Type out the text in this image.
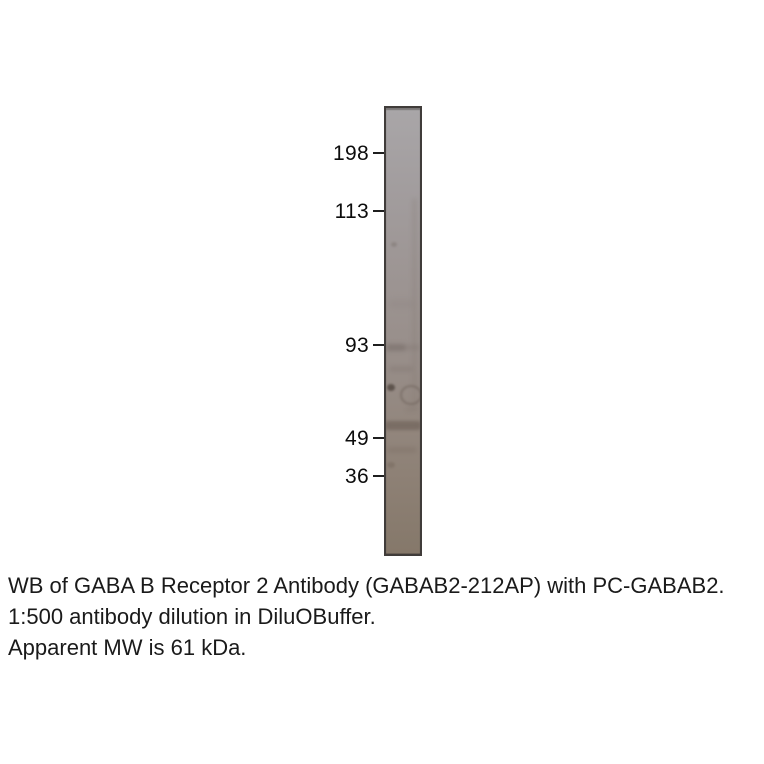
198
113
93
49
36
WB of GABA B Receptor 2 Antibody (GABAB2-212AP) with PC-GABAB2.
1:500 antibody dilution in DiluOBuffer.
Apparent MW is 61 kDa.
